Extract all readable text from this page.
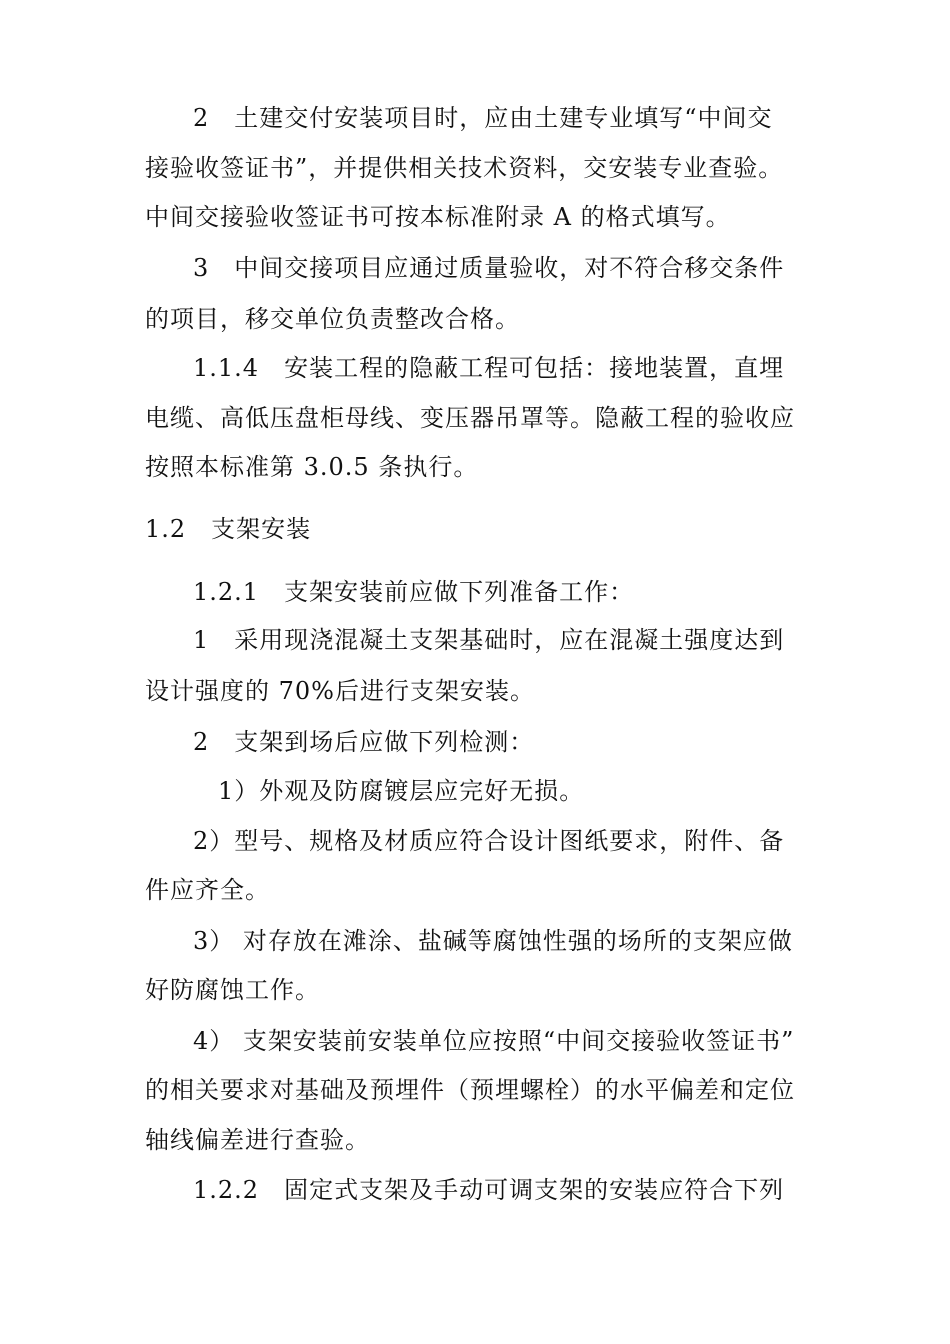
2　土建交付安装项目时，应由土建专业填写“中间交
接验收签证书”，并提供相关技术资料，交安装专业查验。
中间交接验收签证书可按本标准附录 A 的格式填写。
3　中间交接项目应通过质量验收，对不符合移交条件
的项目，移交单位负责整改合格。
1.1.4　安装工程的隐蔽工程可包括：接地装置，直埋
电缆、高低压盘柜母线、变压器吊罩等。隐蔽工程的验收应
按照本标准第 3.0.5 条执行。
1.2　支架安装
1.2.1　支架安装前应做下列准备工作：
1　采用现浇混凝土支架基础时，应在混凝土强度达到
设计强度的 70%后进行支架安装。
2　支架到场后应做下列检测：
1）外观及防腐镀层应完好无损。
2）型号、规格及材质应符合设计图纸要求，附件、备
件应齐全。
3） 对存放在滩涂、盐碱等腐蚀性强的场所的支架应做
好防腐蚀工作。
4） 支架安装前安装单位应按照“中间交接验收签证书”
的相关要求对基础及预埋件（预埋螺栓）的水平偏差和定位
轴线偏差进行查验。
1.2.2　固定式支架及手动可调支架的安装应符合下列
